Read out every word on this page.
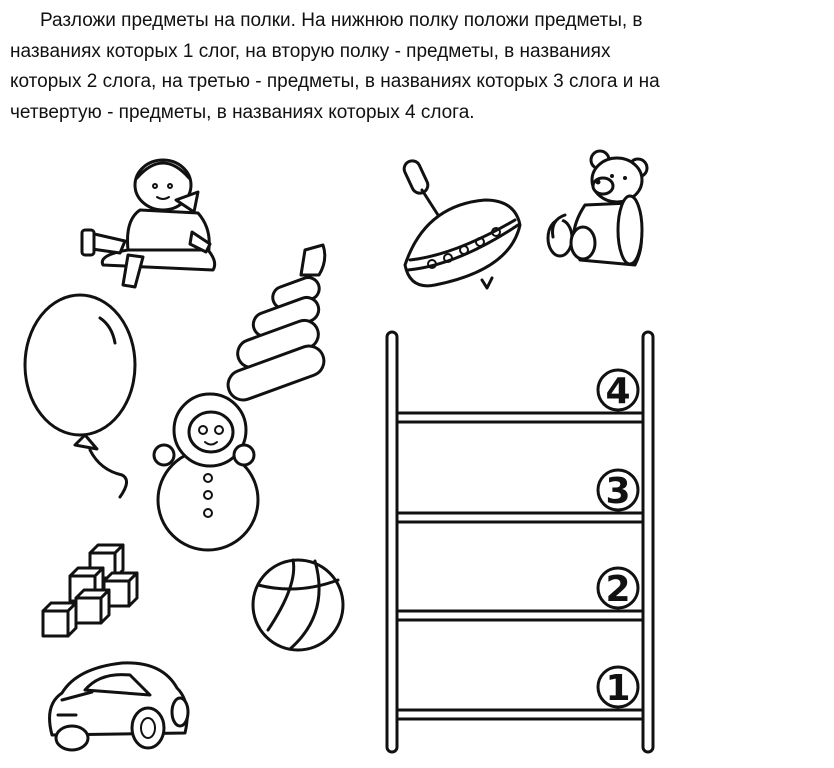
Разложи предметы на полки. На нижнюю полку положи предметы, в
названиях которых 1 слог, на вторую полку - предметы, в названиях
которых 2 слога, на третью - предметы, в названиях которых 3 слога и на
четвертую - предметы, в названиях которых 4 слога.
4
3
2
1
